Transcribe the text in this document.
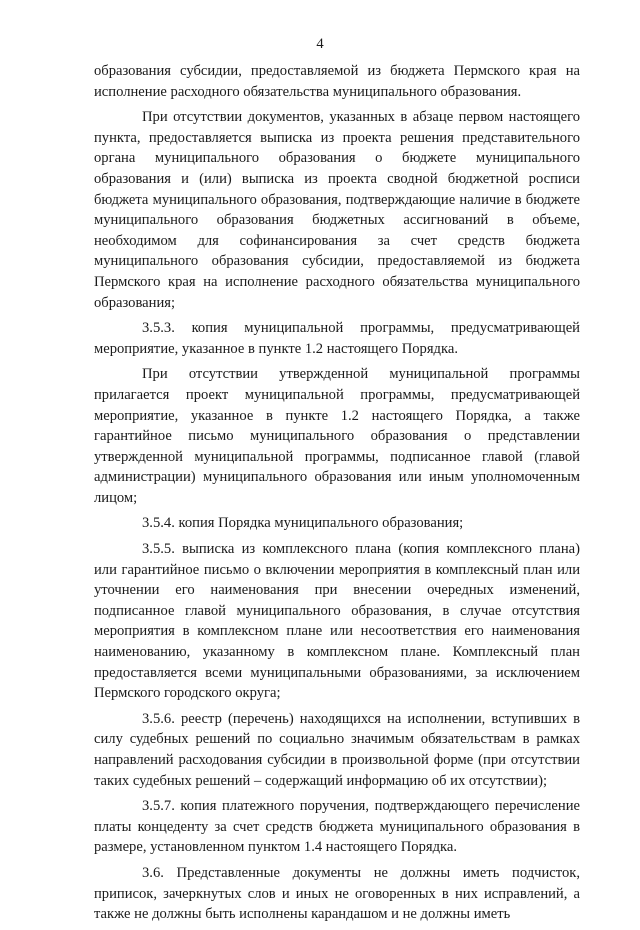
4

образования субсидии, предоставляемой из бюджета Пермского края на исполнение расходного обязательства муниципального образования.

При отсутствии документов, указанных в абзаце первом настоящего пункта, предоставляется выписка из проекта решения представительного органа муниципального образования о бюджете муниципального образования и (или) выписка из проекта сводной бюджетной росписи бюджета муниципального образования, подтверждающие наличие в бюджете муниципального образования бюджетных ассигнований в объеме, необходимом для софинансирования за счет средств бюджета муниципального образования субсидии, предоставляемой из бюджета Пермского края на исполнение расходного обязательства муниципального образования;

3.5.3. копия муниципальной программы, предусматривающей мероприятие, указанное в пункте 1.2 настоящего Порядка.

При отсутствии утвержденной муниципальной программы прилагается проект муниципальной программы, предусматривающей мероприятие, указанное в пункте 1.2 настоящего Порядка, а также гарантийное письмо муниципального образования о представлении утвержденной муниципальной программы, подписанное главой (главой администрации) муниципального образования или иным уполномоченным лицом;

3.5.4. копия Порядка муниципального образования;

3.5.5. выписка из комплексного плана (копия комплексного плана) или гарантийное письмо о включении мероприятия в комплексный план или уточнении его наименования при внесении очередных изменений, подписанное главой муниципального образования, в случае отсутствия мероприятия в комплексном плане или несоответствия его наименования наименованию, указанному в комплексном плане. Комплексный план предоставляется всеми муниципальными образованиями, за исключением Пермского городского округа;

3.5.6. реестр (перечень) находящихся на исполнении, вступивших в силу судебных решений по социально значимым обязательствам в рамках направлений расходования субсидии в произвольной форме (при отсутствии таких судебных решений – содержащий информацию об их отсутствии);

3.5.7. копия платежного поручения, подтверждающего перечисление платы концеденту за счет средств бюджета муниципального образования в размере, установленном пунктом 1.4 настоящего Порядка.

3.6. Представленные документы не должны иметь подчисток, приписок, зачеркнутых слов и иных не оговоренных в них исправлений, а также не должны быть исполнены карандашом и не должны иметь
